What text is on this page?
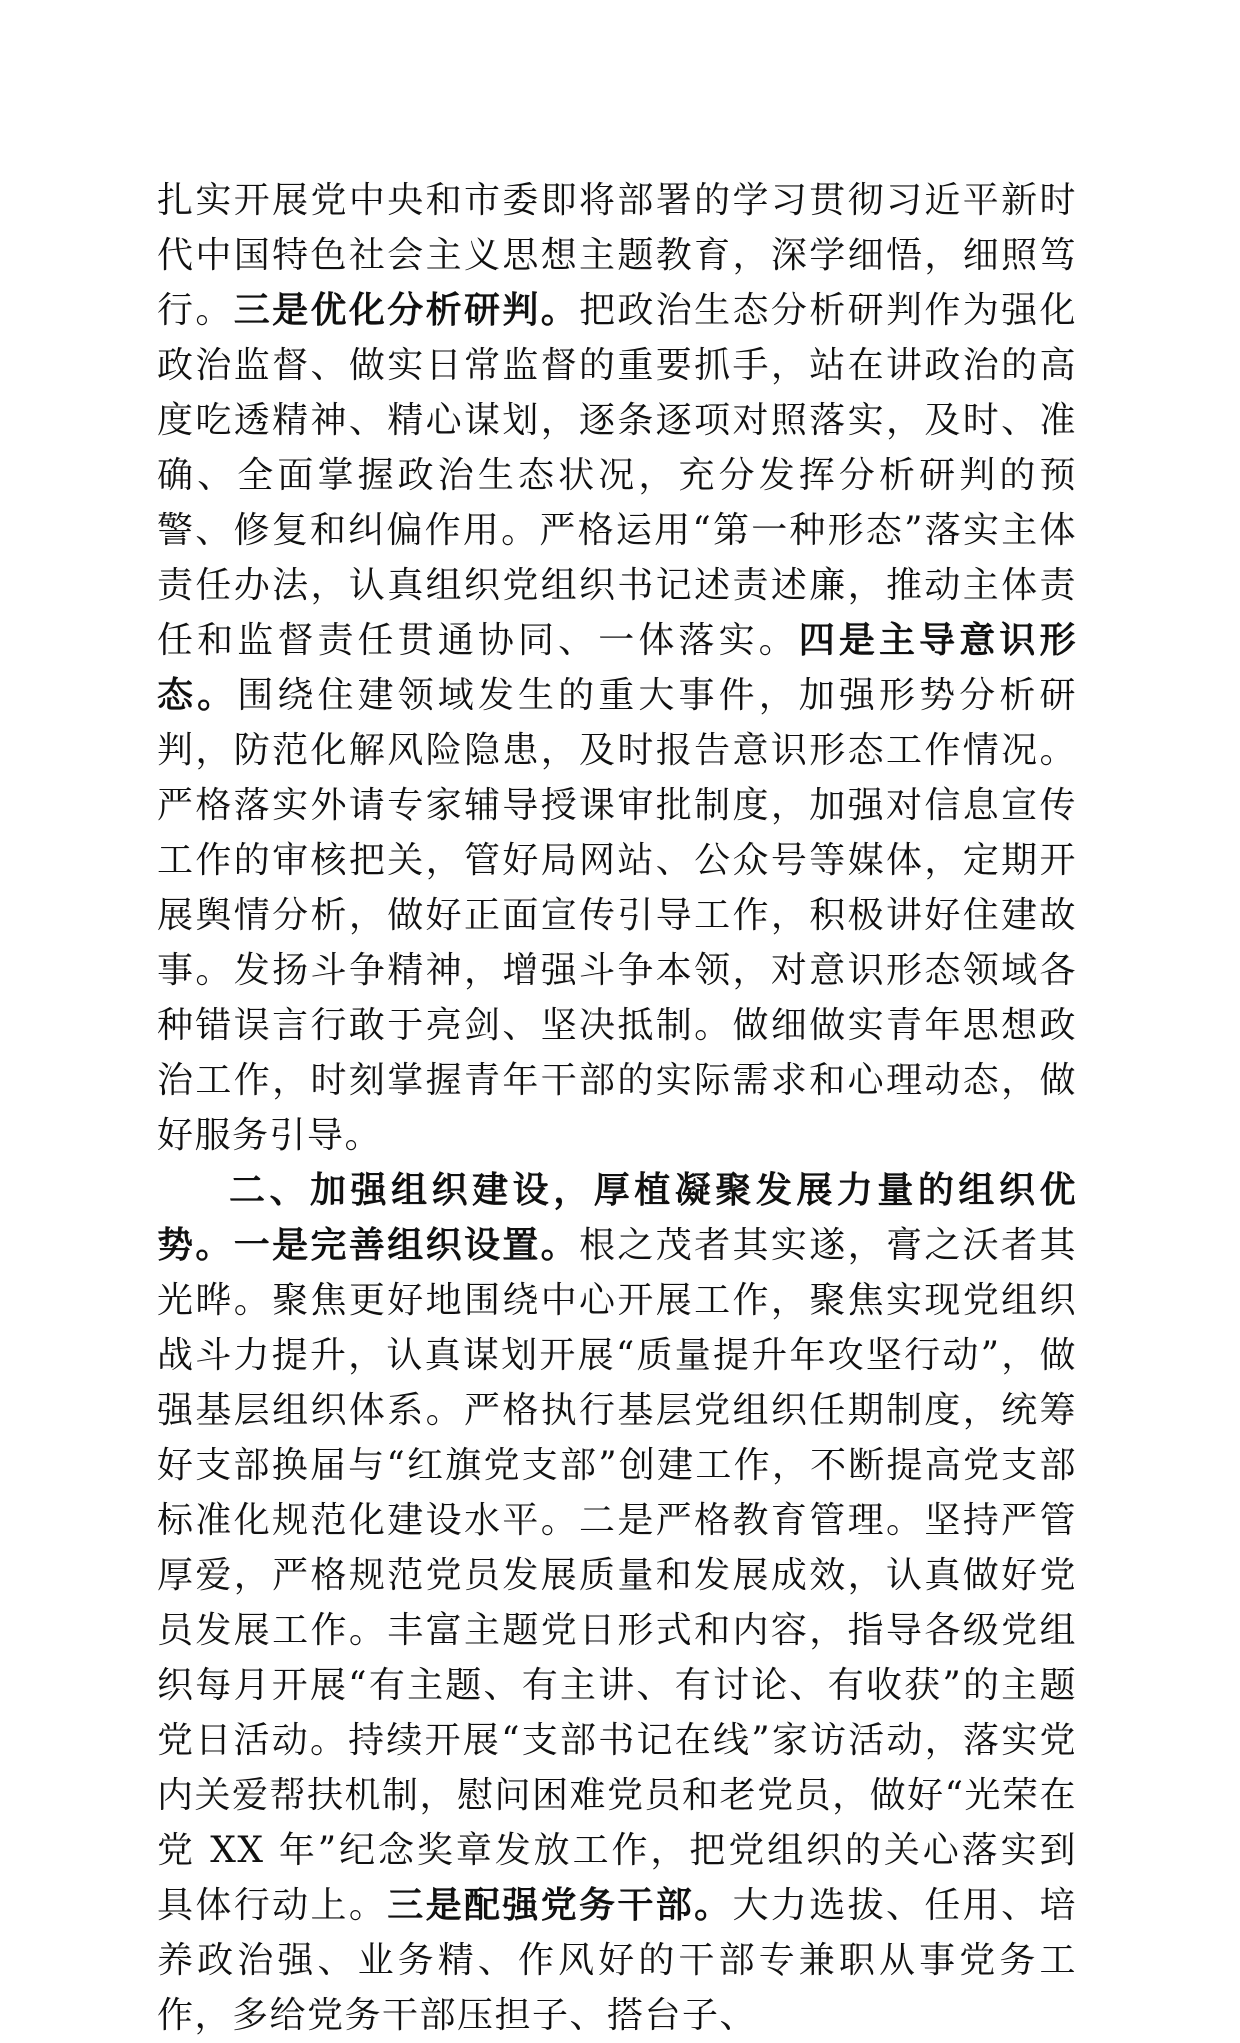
扎实开展党中央和市委即将部署的学习贯彻习近平新时代中国特色社会主义思想主题教育，深学细悟，细照笃行。三是优化分析研判。把政治生态分析研判作为强化政治监督、做实日常监督的重要抓手，站在讲政治的高度吃透精神、精心谋划，逐条逐项对照落实，及时、准确、全面掌握政治生态状况，充分发挥分析研判的预警、修复和纠偏作用。严格运用“第一种形态”落实主体责任办法，认真组织党组织书记述责述廉，推动主体责任和监督责任贯通协同、一体落实。四是主导意识形态。围绕住建领域发生的重大事件，加强形势分析研判，防范化解风险隐患，及时报告意识形态工作情况。严格落实外请专家辅导授课审批制度，加强对信息宣传工作的审核把关，管好局网站、公众号等媒体，定期开展舆情分析，做好正面宣传引导工作，积极讲好住建故事。发扬斗争精神，增强斗争本领，对意识形态领域各种错误言行敢于亮剑、坚决抵制。做细做实青年思想政治工作，时刻掌握青年干部的实际需求和心理动态，做好服务引导。

二、加强组织建设，厚植凝聚发展力量的组织优势。一是完善组织设置。根之茂者其实遂，膏之沃者其光晔。聚焦更好地围绕中心开展工作，聚焦实现党组织战斗力提升，认真谋划开展“质量提升年攻坚行动”，做强基层组织体系。严格执行基层党组织任期制度，统筹好支部换届与“红旗党支部”创建工作，不断提高党支部标准化规范化建设水平。二是严格教育管理。坚持严管厚爱，严格规范党员发展质量和发展成效，认真做好党员发展工作。丰富主题党日形式和内容，指导各级党组织每月开展“有主题、有主讲、有讨论、有收获”的主题党日活动。持续开展“支部书记在线”家访活动，落实党内关爱帮扶机制，慰问困难党员和老党员，做好“光荣在党 XX 年”纪念奖章发放工作，把党组织的关心落实到具体行动上。三是配强党务干部。大力选拔、任用、培养政治强、业务精、作风好的干部专兼职从事党务工作，多给党务干部压担子、搭台子、
